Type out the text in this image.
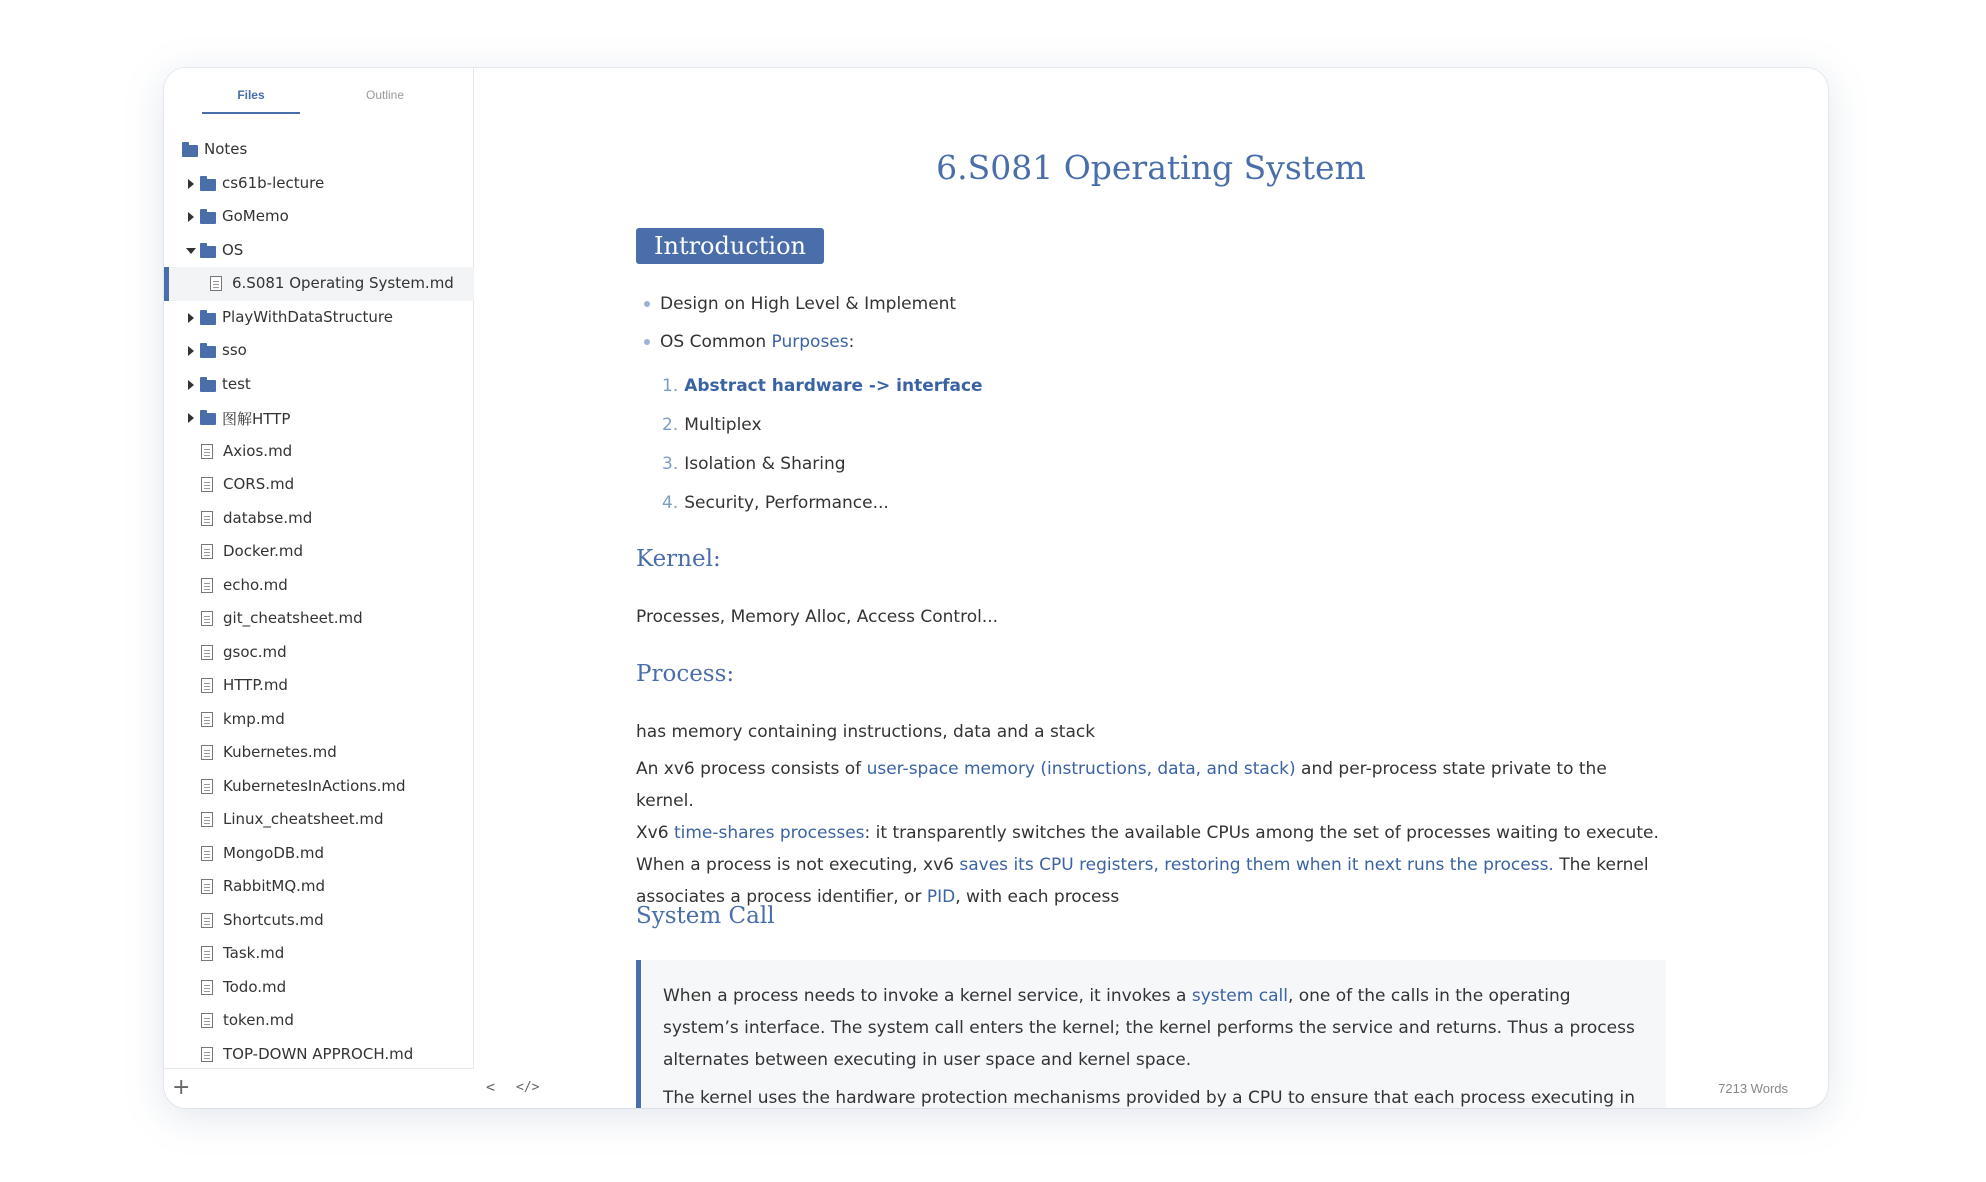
Files	Outline
Notes
cs61b-lecture
GoMemo
OS
6.S081 Operating System.md
PlayWithDataStructure
sso
test
图解HTTP
Axios.md
CORS.md
databse.md
Docker.md
echo.md
git_cheatsheet.md
gsoc.md
HTTP.md
kmp.md
Kubernetes.md
KubernetesInActions.md
Linux_cheatsheet.md
MongoDB.md
RabbitMQ.md
Shortcuts.md
Task.md
Todo.md
token.md
TOP-DOWN APPROCH.md
+
6.S081 Operating System
Introduction
Design on High Level & Implement
OS Common Purposes:
1. Abstract hardware -> interface
2. Multiplex
3. Isolation & Sharing
4. Security, Performance...
Kernel:
Processes, Memory Alloc, Access Control...
Process:
has memory containing instructions, data and a stack
An xv6 process consists of user-space memory (instructions, data, and stack) and per-process state private to the kernel.
Xv6 time-shares processes: it transparently switches the available CPUs among the set of processes waiting to execute.
When a process is not executing, xv6 saves its CPU registers, restoring them when it next runs the process. The kernel associates a process identifier, or PID, with each process
System Call
When a process needs to invoke a kernel service, it invokes a system call, one of the calls in the operating system’s interface. The system call enters the kernel; the kernel performs the service and returns. Thus a process alternates between executing in user space and kernel space.
The kernel uses the hardware protection mechanisms provided by a CPU to ensure that each process executing in
< </>	7213 Words
